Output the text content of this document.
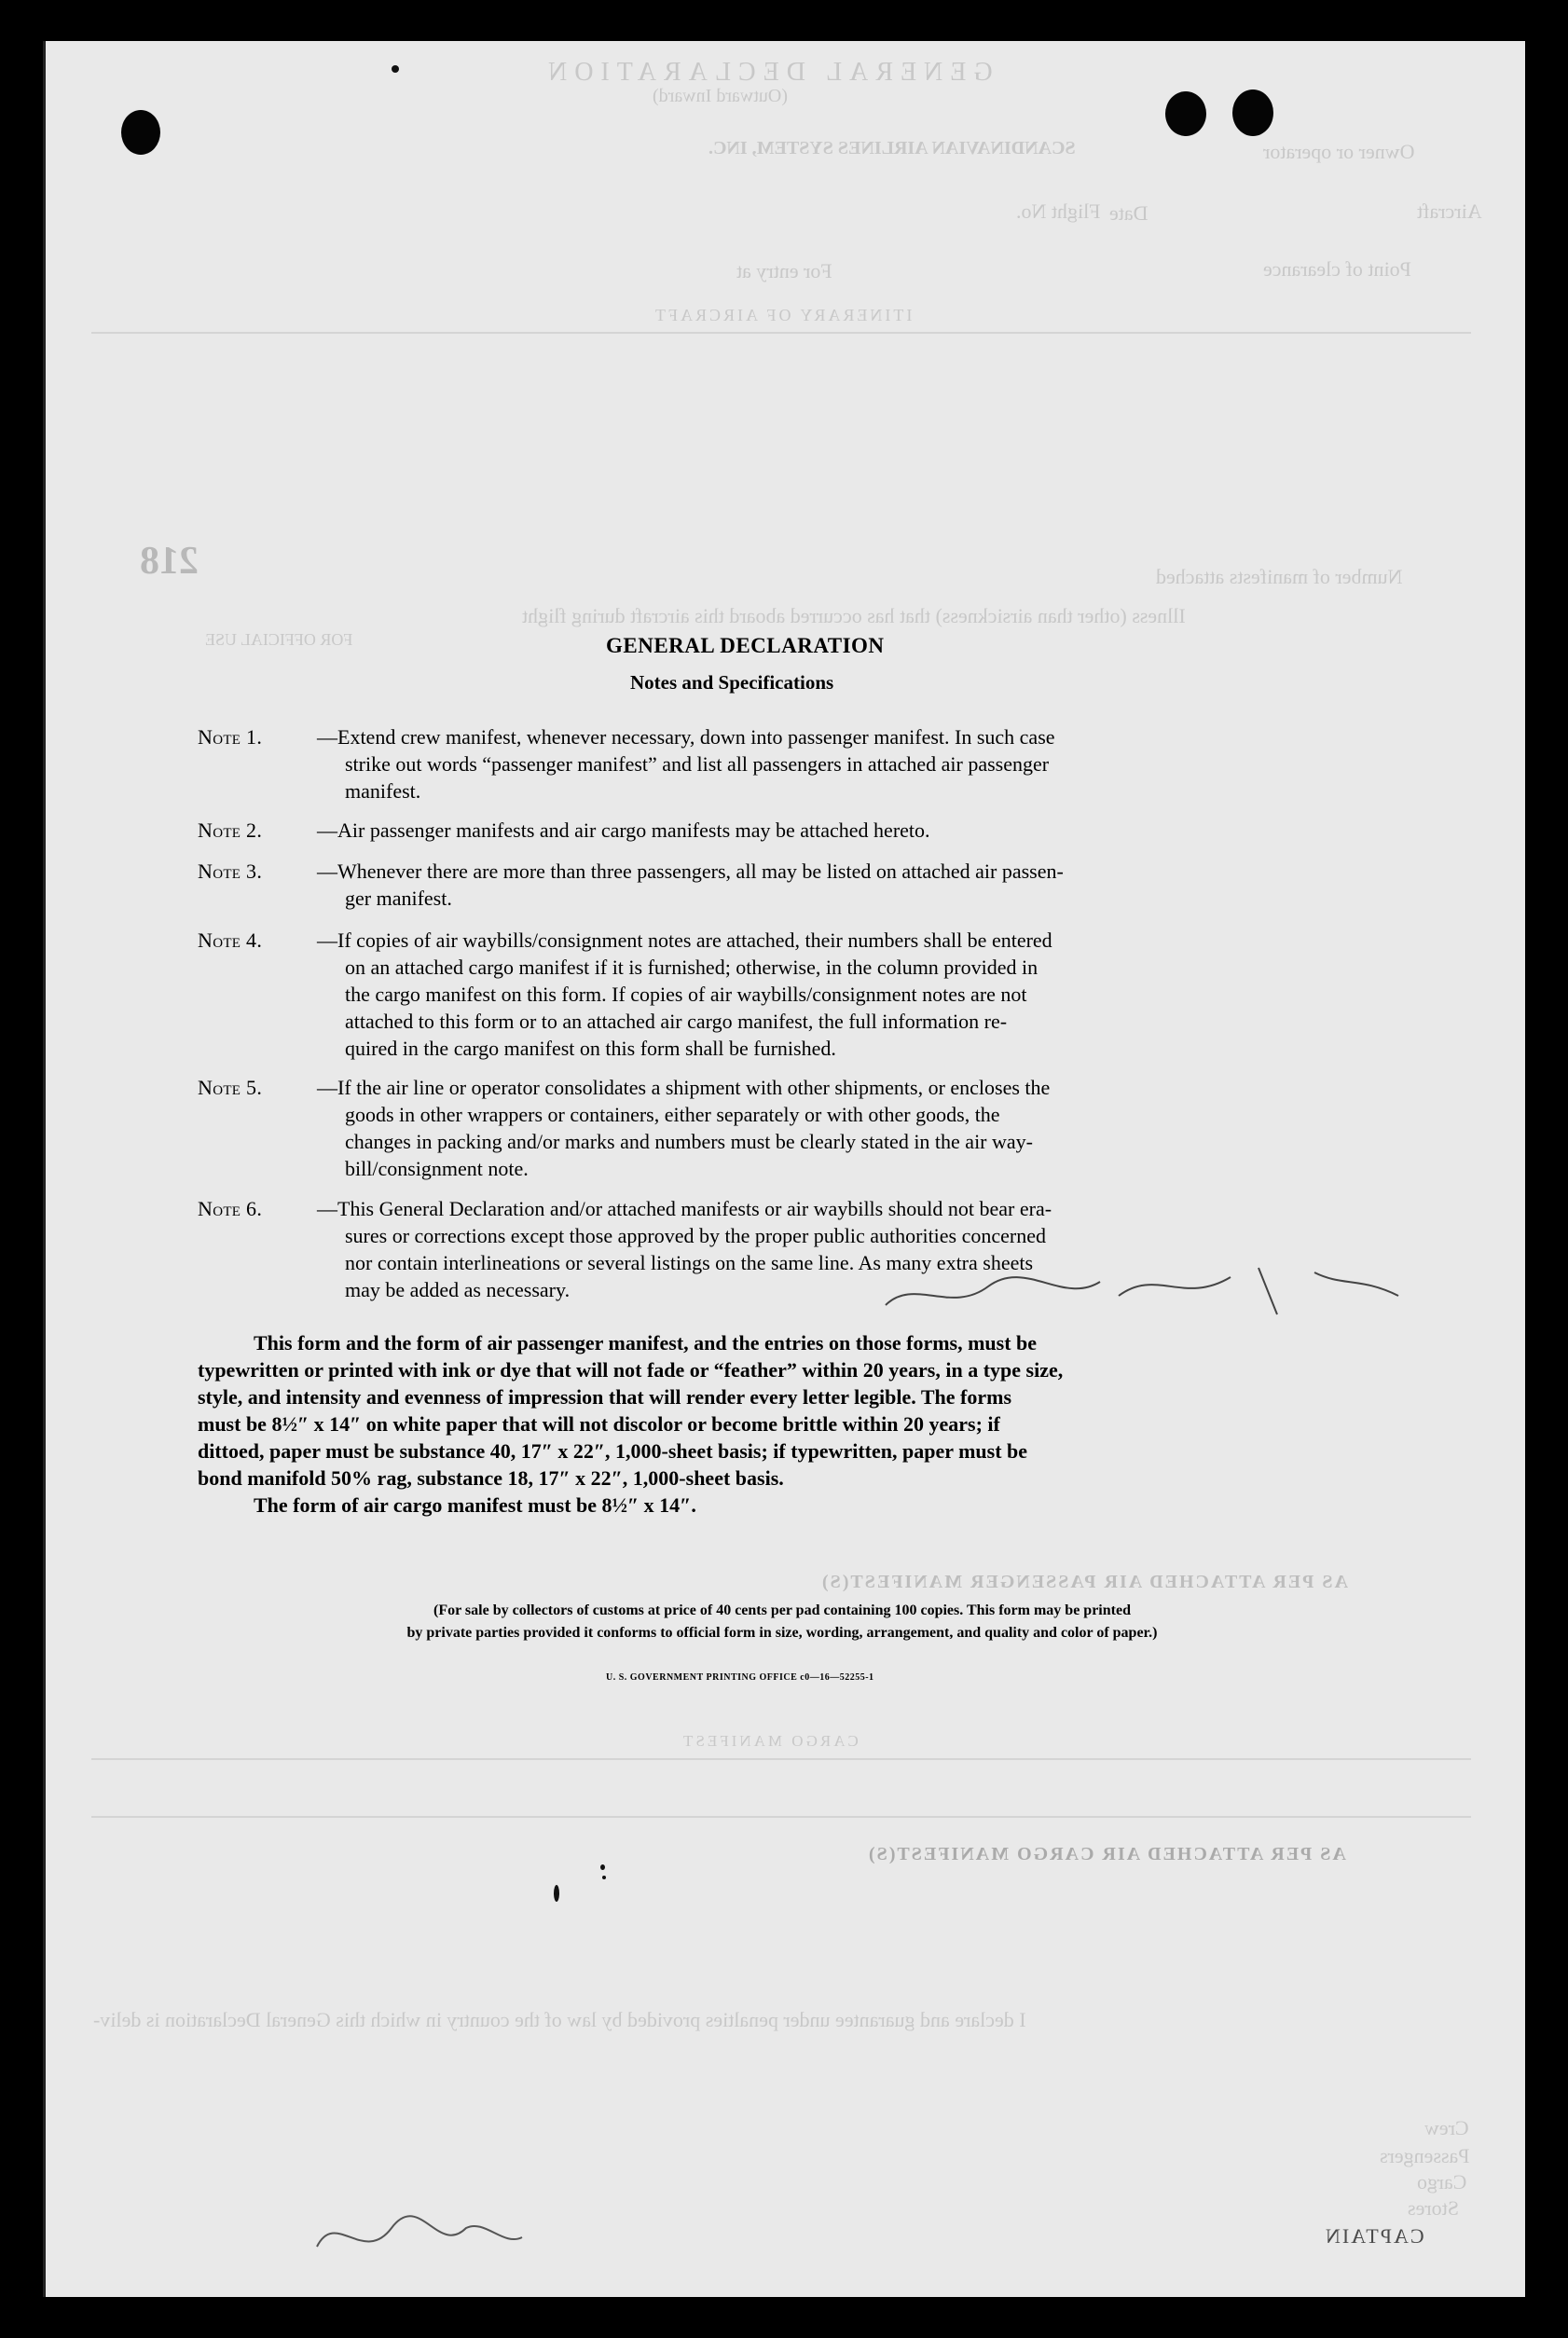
GENERAL DECLARATION
(Outward Inward)
SCANDINAVIAN AIRLINES SYSTEM, INC.	Owner or operator
Aircraft
Flight No. Date
Point of clearance
For entry at
ITINERARY OF AIRCRAFT
218	Number of manifests attached
Illness (other than airsickness) that has occurred aboard this aircraft during flight
FOR OFFICIAL USE
AS PER ATTACHED AIR PASSENGER MANIFEST(S)
CARGO MANIFEST
AS PER ATTACHED AIR CARGO MANIFEST(S)
I declare and guarantee under penalties provided by law of the country in which this General Declaration is deliv-
Crew
Passengers
Cargo
Stores
CAPTAIN
GENERAL DECLARATION
Notes and Specifications
Note 1.	—Extend crew manifest, whenever necessary, down into passenger manifest. In such case
strike out words “passenger manifest” and list all passengers in attached air passenger
manifest.
Note 2.	—Air passenger manifests and air cargo manifests may be attached hereto.
Note 3.	—Whenever there are more than three passengers, all may be listed on attached air passen-
ger manifest.
Note 4.	—If copies of air waybills/consignment notes are attached, their numbers shall be entered
on an attached cargo manifest if it is furnished; otherwise, in the column provided in
the cargo manifest on this form. If copies of air waybills/consignment notes are not
attached to this form or to an attached air cargo manifest, the full information re-
quired in the cargo manifest on this form shall be furnished.
Note 5.	—If the air line or operator consolidates a shipment with other shipments, or encloses the
goods in other wrappers or containers, either separately or with other goods, the
changes in packing and/or marks and numbers must be clearly stated in the air way-
bill/consignment note.
Note 6.	—This General Declaration and/or attached manifests or air waybills should not bear era-
sures or corrections except those approved by the proper public authorities concerned
nor contain interlineations or several listings on the same line. As many extra sheets
may be added as necessary.
This form and the form of air passenger manifest, and the entries on those forms, must be
typewritten or printed with ink or dye that will not fade or “feather” within 20 years, in a type size,
style, and intensity and evenness of impression that will render every letter legible. The forms
must be 8½″ x 14″ on white paper that will not discolor or become brittle within 20 years; if
dittoed, paper must be substance 40, 17″ x 22″, 1,000-sheet basis; if typewritten, paper must be
bond manifold 50% rag, substance 18, 17″ x 22″, 1,000-sheet basis.
The form of air cargo manifest must be 8½″ x 14″.
(For sale by collectors of customs at price of 40 cents per pad containing 100 copies. This form may be printed
by private parties provided it conforms to official form in size, wording, arrangement, and quality and color of paper.)
U. S. GOVERNMENT PRINTING OFFICE c0—16—52255-1
